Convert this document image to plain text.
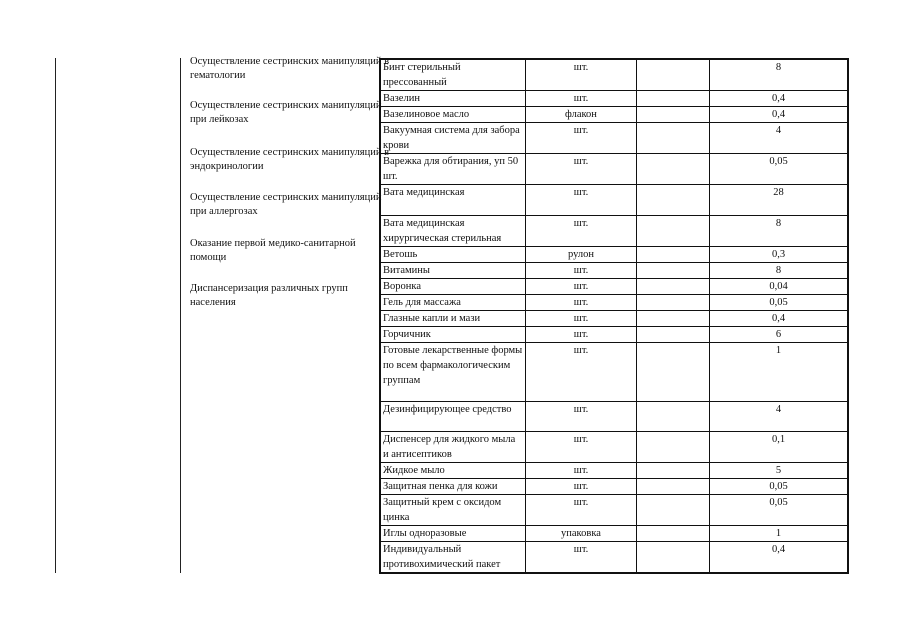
Осуществление сестринских манипуляций в гематологии
Осуществление сестринских манипуляций при лейкозах
Осуществление сестринских манипуляций в эндокринологии
Осуществление сестринских манипуляций при аллергозах
Оказание первой медико-санитарной помощи
Диспансеризация различных групп населения
Бинт стерильный прессованный	шт.		8
Вазелин	шт.		0,4
Вазелиновое масло	флакон		0,4
Вакуумная система для забора крови	шт.		4
Варежка для обтирания, уп 50 шт.	шт.		0,05
Вата медицинская	шт.		28
Вата медицинская хирургическая стерильная	шт.		8
Ветошь	рулон		0,3
Витамины	шт.		8
Воронка	шт.		0,04
Гель для массажа	шт.		0,05
Глазные капли и мази	шт.		0,4
Горчичник	шт.		6
Готовые лекарственные формы по всем фармакологическим группам	шт.		1
Дезинфицирующее средство	шт.		4
Диспенсер для жидкого мыла и антисептиков	шт.		0,1
Жидкое мыло	шт.		5
Защитная пенка для кожи	шт.		0,05
Защитный крем с оксидом цинка	шт.		0,05
Иглы одноразовые	упаковка		1
Индивидуальный противохимический пакет	шт.		0,4
